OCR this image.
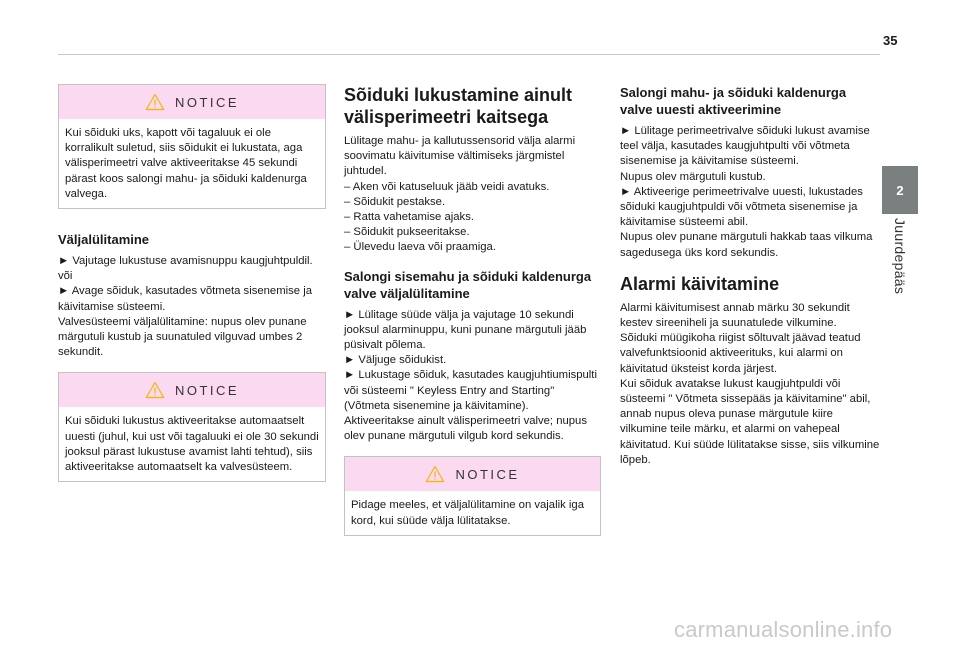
35
2
Juurdepääs
NOTICE

Kui sõiduki uks, kapott või tagaluuk ei ole korralikult suletud, siis sõidukit ei lukustata, aga välisperimeetri valve aktiveeritakse 45 sekundi pärast koos salongi mahu- ja sõiduki kaldenurga valvega.

Väljalülitamine

► Vajutage lukustuse avamisnuppu kaugjuhtpuldil.

või

► Avage sõiduk, kasutades võtmeta sisenemise ja käivitamise süsteemi.

Valvesüsteemi väljalülitamine: nupus olev punane märgutuli kustub ja suunatuled vilguvad umbes 2 sekundit.

NOTICE

Kui sõiduki lukustus aktiveeritakse automaatselt uuesti (juhul, kui ust või tagaluuki ei ole 30 sekundi jooksul pärast lukustuse avamist lahti tehtud), siis aktiveeritakse automaatselt ka valvesüsteem.

Sõiduki lukustamine ainult välisperimeetri kaitsega

Lülitage mahu- ja kallutussensorid välja alarmi soovimatu käivitumise vältimiseks järgmistel juhtudel.

– Aken või katuseluuk jääb veidi avatuks.

– Sõidukit pestakse.

– Ratta vahetamise ajaks.

– Sõidukit pukseeritakse.

– Ülevedu laeva või praamiga.

Salongi sisemahu ja sõiduki kaldenurga valve väljalülitamine

► Lülitage süüde välja ja vajutage 10 sekundi jooksul alarminuppu, kuni punane märgutuli jääb püsivalt põlema.

► Väljuge sõidukist.

► Lukustage sõiduk, kasutades kaugjuhtiumispulti või süsteemi " Keyless Entry and Starting" (Võtmeta sisenemine ja käivitamine).

Aktiveeritakse ainult välisperimeetri valve; nupus olev punane märgutuli vilgub kord sekundis.

NOTICE

Pidage meeles, et väljalülitamine on vajalik iga kord, kui süüde välja lülitatakse.

Salongi mahu- ja sõiduki kaldenurga valve uuesti aktiveerimine

► Lülitage perimeetrivalve sõiduki lukust avamise teel välja, kasutades kaugjuhtpulti või võtmeta sisenemise ja käivitamise süsteemi.

Nupus olev märgutuli kustub.

► Aktiveerige perimeetrivalve uuesti, lukustades sõiduki kaugjuhtpuldi või võtmeta sisenemise ja käivitamise süsteemi abil.

Nupus olev punane märgutuli hakkab taas vilkuma sagedusega üks kord sekundis.

Alarmi käivitamine

Alarmi käivitumisest annab märku 30 sekundit kestev sireeniheli ja suunatulede vilkumine.

Sõiduki müügikoha riigist sõltuvalt jäävad teatud valvefunktsioonid aktiveerituks, kui alarmi on käivitatud üksteist korda järjest.

Kui sõiduk avatakse lukust kaugjuhtpuldi või süsteemi " Võtmeta sissepääs ja käivitamine" abil, annab nupus oleva punase märgutule kiire vilkumine teile märku, et alarmi on vahepeal käivitatud. Kui süüde lülitatakse sisse, siis vilkumine lõpeb.

carmanualsonline.info
